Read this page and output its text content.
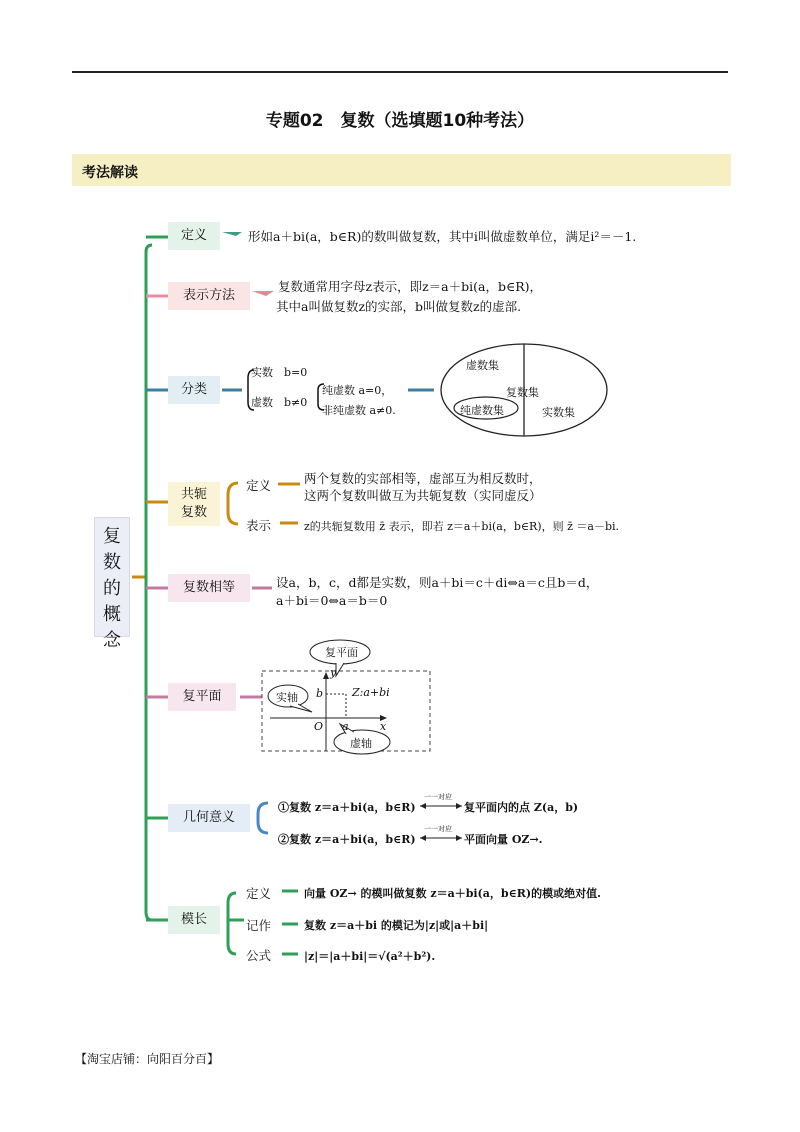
专题02　复数（选填题10种考法）
考法解读
复
数
的
概
念
定义
表示方法
分类
共轭
复数
复数相等
复平面
几何意义
模长
形如a＋bi(a，b∈R)的数叫做复数，其中i叫做虚数单位，满足i²＝－1.
复数通常用字母z表示，即z＝a＋bi(a，b∈R)，
其中a叫做复数z的实部，b叫做复数z的虚部.
实数　b=0
虚数　b≠0
纯虚数 a=0，
非纯虚数 a≠0.
虚数集
复数集
纯虚数集	实数集
定义	两个复数的实部相等，虚部互为相反数时，
这两个复数叫做互为共轭复数（实同虚反）
表示	z的共轭复数用 z̄ 表示，即若 z＝a＋bi(a，b∈R)，则 z̄ ＝a－bi.
设a，b，c，d都是实数，则a＋bi＝c＋di⇔a＝c且b＝d，
a＋bi＝0⇔a＝b＝0
复平面
实轴
虚轴
Z:a+bi
y
x
b
a
O
①复数 z＝a＋bi(a，b∈R)
一一对应
复平面内的点 Z(a，b)
②复数 z＝a＋bi(a，b∈R)
一一对应
平面向量 OZ→.
定义	向量 OZ→ 的模叫做复数 z＝a＋bi(a，b∈R)的模或绝对值.
记作	复数 z＝a＋bi 的模记为|z|或|a＋bi|
公式	|z|＝|a＋bi|＝√(a²＋b²).
【淘宝店铺：向阳百分百】
